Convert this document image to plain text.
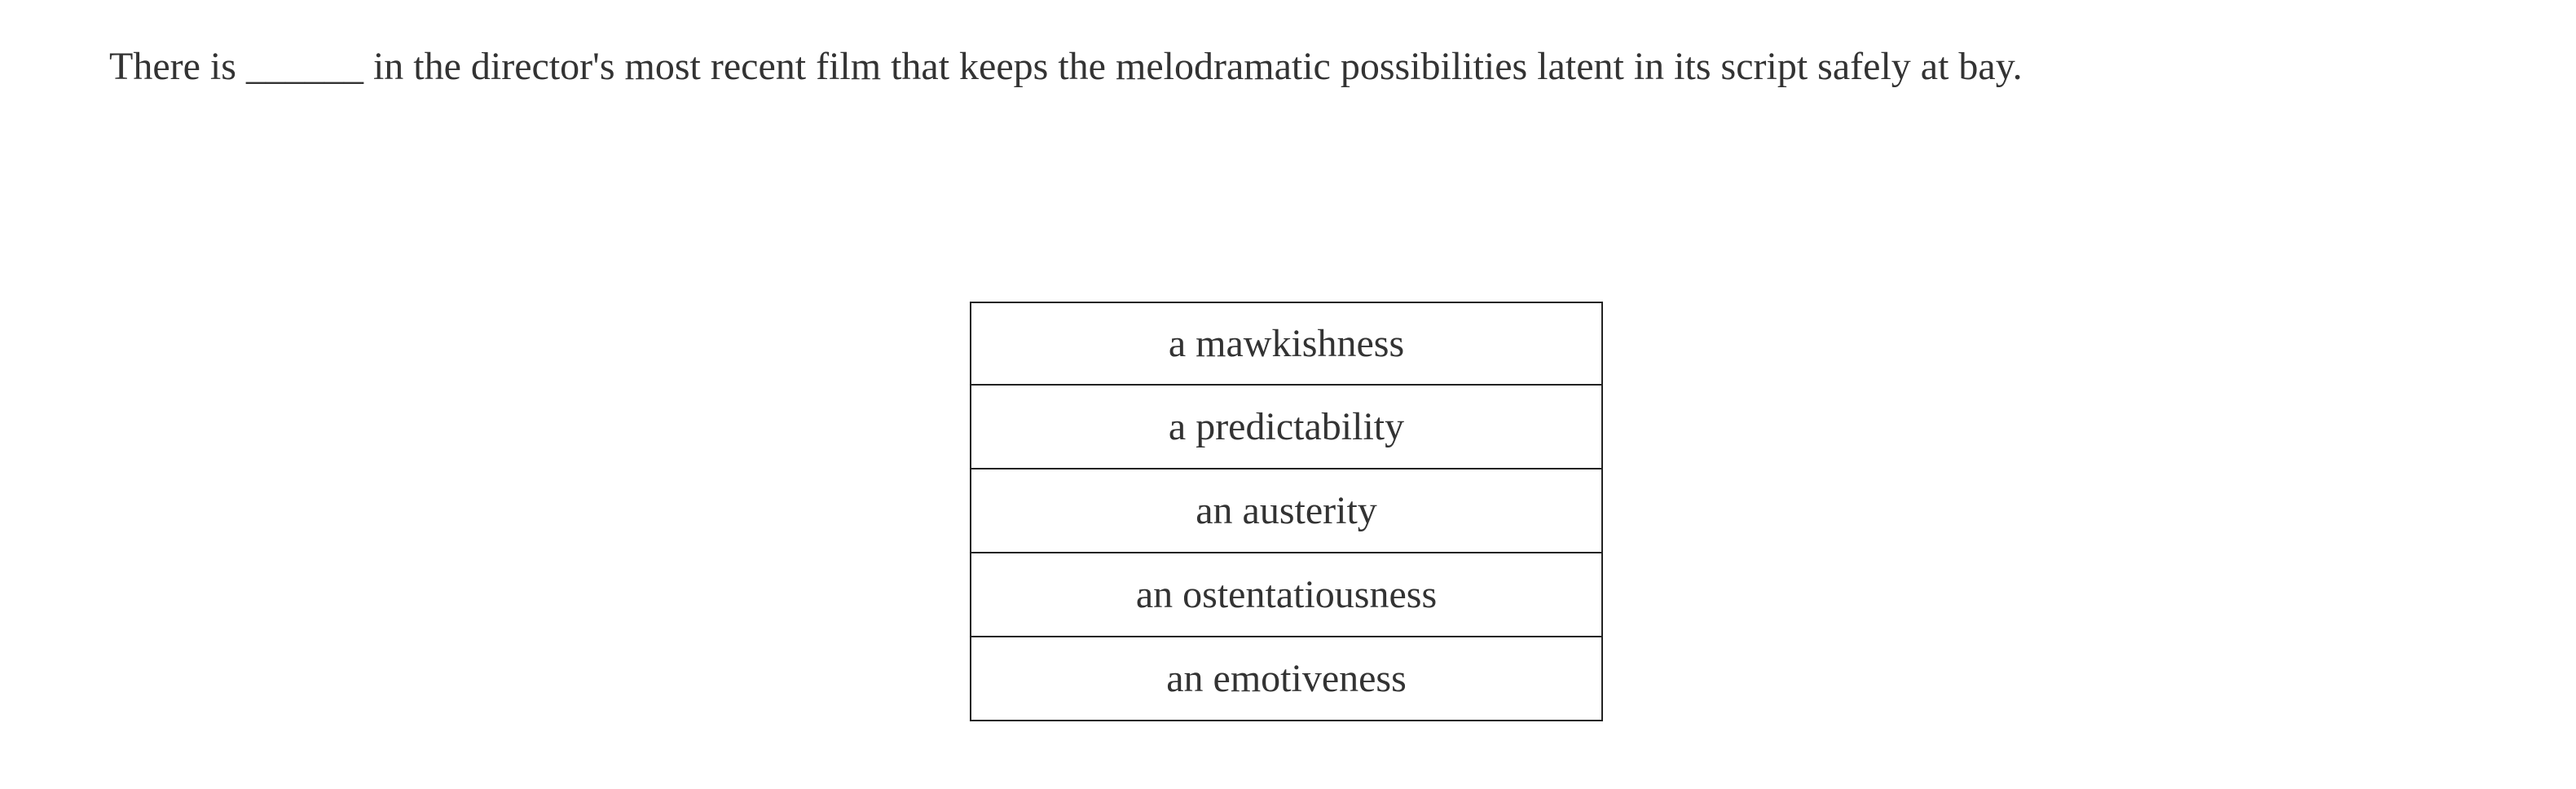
There is ______ in the director's most recent film that keeps the melodramatic possibilities latent in its script safely at bay.
a mawkishness
a predictability
an austerity
an ostentatiousness
an emotiveness
